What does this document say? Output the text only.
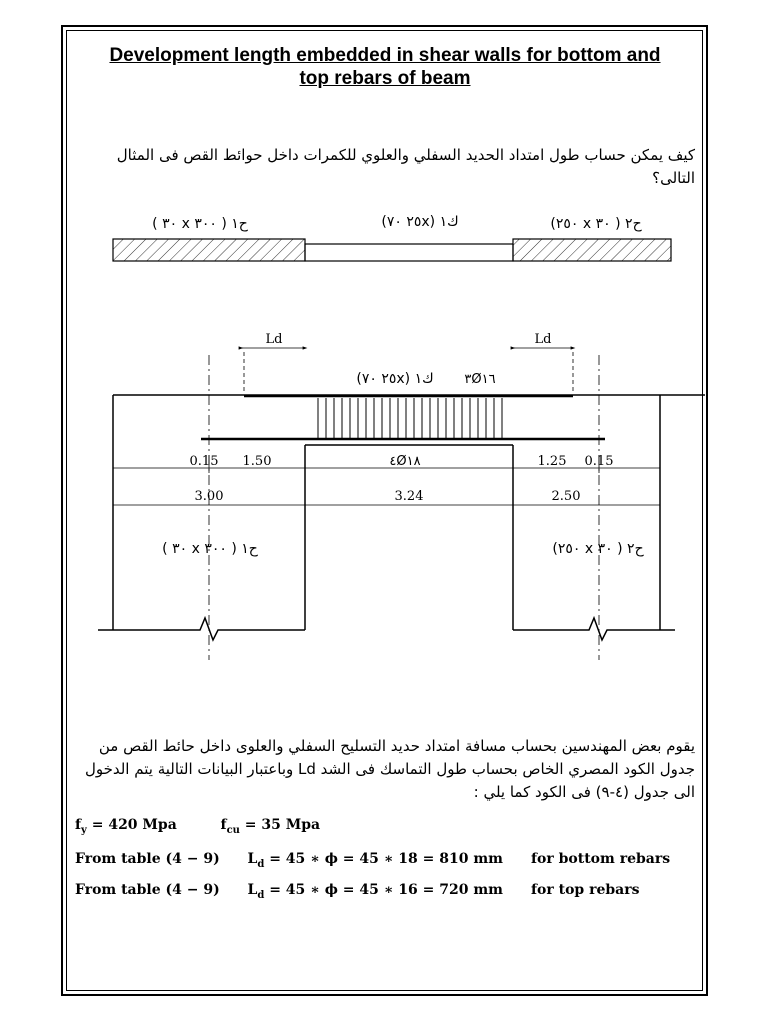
Development length embedded in shear walls for bottom and
top rebars of beam
كيف يمكن حساب طول امتداد الحديد السفلي والعلوي للكمرات داخل حوائط القص فى المثال التالى؟
ح١ ( ٣٠٠ x ٣٠ )	ك١ (٢٥x ٧٠)	ح٢ ( ٣٠ x ٢٥٠)
Ld	Ld
ك١ (٢٥x ٧٠) ٣Ø١٦
٤Ø١٨
0.15 1.50	1.25 0.15
3.00	3.24	2.50
ح١ ( ٣٠٠ x ٣٠ )	ح٢ ( ٣٠ x ٢٥٠)
يقوم بعض المهندسين بحساب مسافة امتداد حديد التسليح السفلي والعلوى داخل حائط القص من جدول الكود المصري الخاص بحساب طول التماسك فى الشد Ld وباعتبار البيانات التالية يتم الدخول الى جدول (٤-٩) فى الكود كما يلي :
$f_y = 420$ Mpa	$f_{cu} = 35$ Mpa
From table (4 − 9) $L_d = 45$ ∗ ϕ = 45 ∗ 18 = 810 mm for bottom rebars
From table (4 − 9) $L_d = 45$ ∗ ϕ = 45 ∗ 16 = 720 mm for top rebars
